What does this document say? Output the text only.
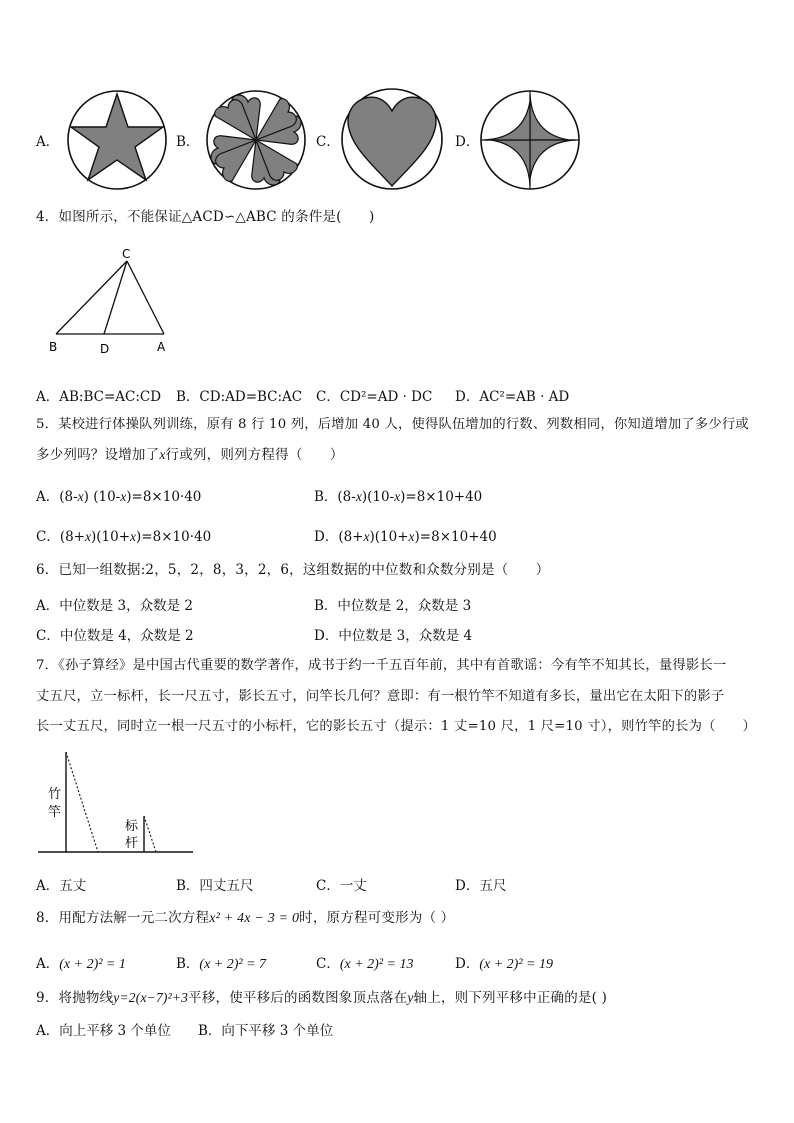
A．	B．	C．	D．
4．如图所示，不能保证△ACD∽△ABC 的条件是(　　)
C
B	D	A
A．AB:BC=AC:CD B．CD:AD=BC:AC C．CD²=AD · DC D．AC²=AB · AD
5．某校进行体操队列训练，原有 8 行 10 列，后增加 40 人，使得队伍增加的行数、列数相同，你知道增加了多少行或
多少列吗？设增加了x行或列，则列方程得（　　）
A．(8-x) (10-x)=8×10·40	B．(8-x)(10-x)=8×10+40
C．(8+x)(10+x)=8×10·40	D．(8+x)(10+x)=8×10+40
6．已知一组数据:2，5，2，8，3，2，6，这组数据的中位数和众数分别是（　　）
A．中位数是 3，众数是 2	B．中位数是 2，众数是 3
C．中位数是 4，众数是 2	D．中位数是 3，众数是 4
7．《孙子算经》是中国古代重要的数学著作，成书于约一千五百年前，其中有首歌谣：今有竿不知其长，量得影长一
丈五尺，立一标杆，长一尺五寸，影长五寸，问竿长几何？意即：有一根竹竿不知道有多长，量出它在太阳下的影子
长一丈五尺，同时立一根一尺五寸的小标杆，它的影长五寸（提示：1 丈=10 尺，1 尺=10 寸），则竹竿的长为（　　）
竹
竿
标
杆
A．五丈	B．四丈五尺	C．一丈	D．五尺
8．用配方法解一元二次方程x² + 4x − 3 = 0时，原方程可变形为（ ）
A．(x + 2)² = 1	B．(x + 2)² = 7	C．(x + 2)² = 13	D．(x + 2)² = 19
9．将抛物线y=2(x−7)²+3平移，使平移后的函数图象顶点落在y轴上，则下列平移中正确的是( )
A．向上平移 3 个单位 B．向下平移 3 个单位
